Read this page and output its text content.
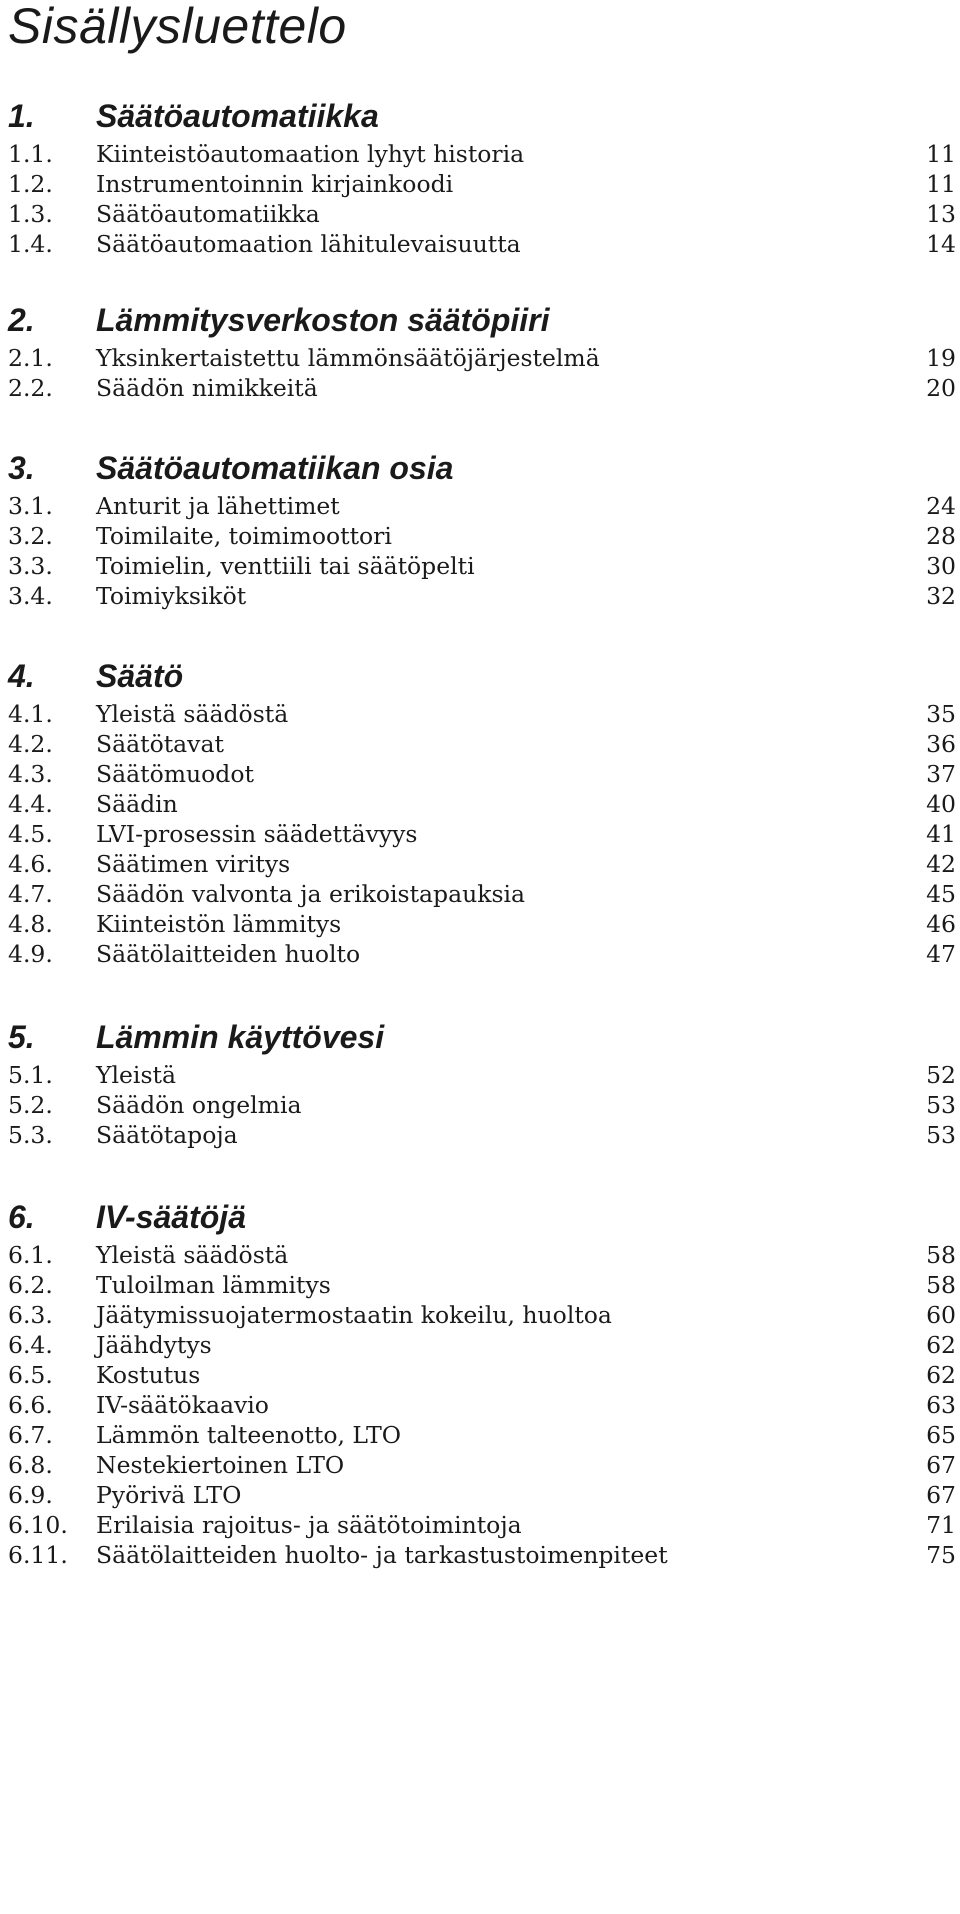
Sisällysluettelo
1.	Säätöautomatiikka
1.1. Kiinteistöautomaation lyhyt historia	11
1.2. Instrumentoinnin kirjainkoodi	11
1.3. Säätöautomatiikka	13
1.4. Säätöautomaation lähitulevaisuutta	14
2.	Lämmitysverkoston säätöpiiri
2.1. Yksinkertaistettu lämmönsäätöjärjestelmä	19
2.2. Säädön nimikkeitä	20
3.	Säätöautomatiikan osia
3.1. Anturit ja lähettimet	24
3.2. Toimilaite, toimimoottori	28
3.3. Toimielin, venttiili tai säätöpelti	30
3.4. Toimiyksiköt	32
4.	Säätö
4.1. Yleistä säädöstä	35
4.2. Säätötavat	36
4.3. Säätömuodot	37
4.4. Säädin	40
4.5. LVI-prosessin säädettävyys	41
4.6. Säätimen viritys	42
4.7. Säädön valvonta ja erikoistapauksia	45
4.8. Kiinteistön lämmitys	46
4.9. Säätölaitteiden huolto	47
5.	Lämmin käyttövesi
5.1. Yleistä	52
5.2. Säädön ongelmia	53
5.3. Säätötapoja	53
6.	IV-säätöjä
6.1. Yleistä säädöstä	58
6.2. Tuloilman lämmitys	58
6.3. Jäätymissuojatermostaatin kokeilu, huoltoa	60
6.4. Jäähdytys	62
6.5. Kostutus	62
6.6. IV-säätökaavio	63
6.7. Lämmön talteenotto, LTO	65
6.8. Nestekiertoinen LTO	67
6.9. Pyörivä LTO	67
6.10. Erilaisia rajoitus- ja säätötoimintoja	71
6.11. Säätölaitteiden huolto- ja tarkastustoimenpiteet	75
